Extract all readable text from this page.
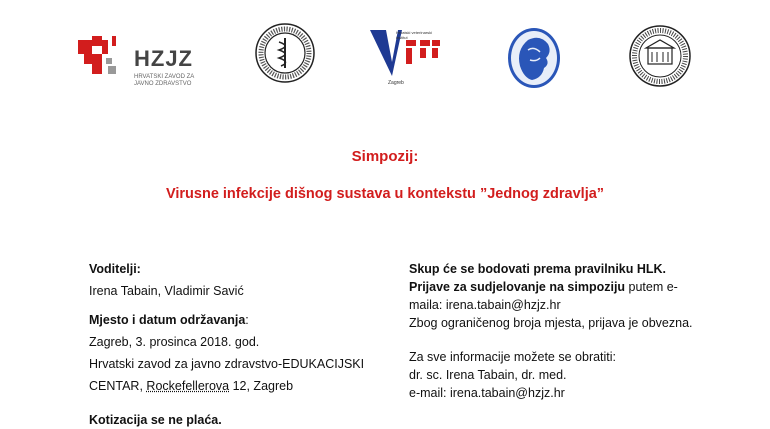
HZJZ
HRVATSKI ZAVOD ZA
JAVNO ZDRAVSTVO
Hrvatski veterinarski institut
Zagreb
Simpozij:
Virusne infekcije dišnog sustava u kontekstu ”Jednog zdravlja”
Voditelji:
Irena Tabain, Vladimir Savić
Mjesto i datum održavanja:
Zagreb, 3. prosinca 2018. god.
Hrvatski zavod za javno zdravstvo-EDUKACIJSKI
CENTAR, Rockefellerova 12, Zagreb
Kotizacija se ne plaća.
Skup će se bodovati prema pravilniku HLK.
Prijave za sudjelovanje na simpoziju putem e-
maila: irena.tabain@hzjz.hr
Zbog ograničenog broja mjesta, prijava je obvezna.
Za sve informacije možete se obratiti:
dr. sc. Irena Tabain, dr. med.
e-mail: irena.tabain@hzjz.hr
